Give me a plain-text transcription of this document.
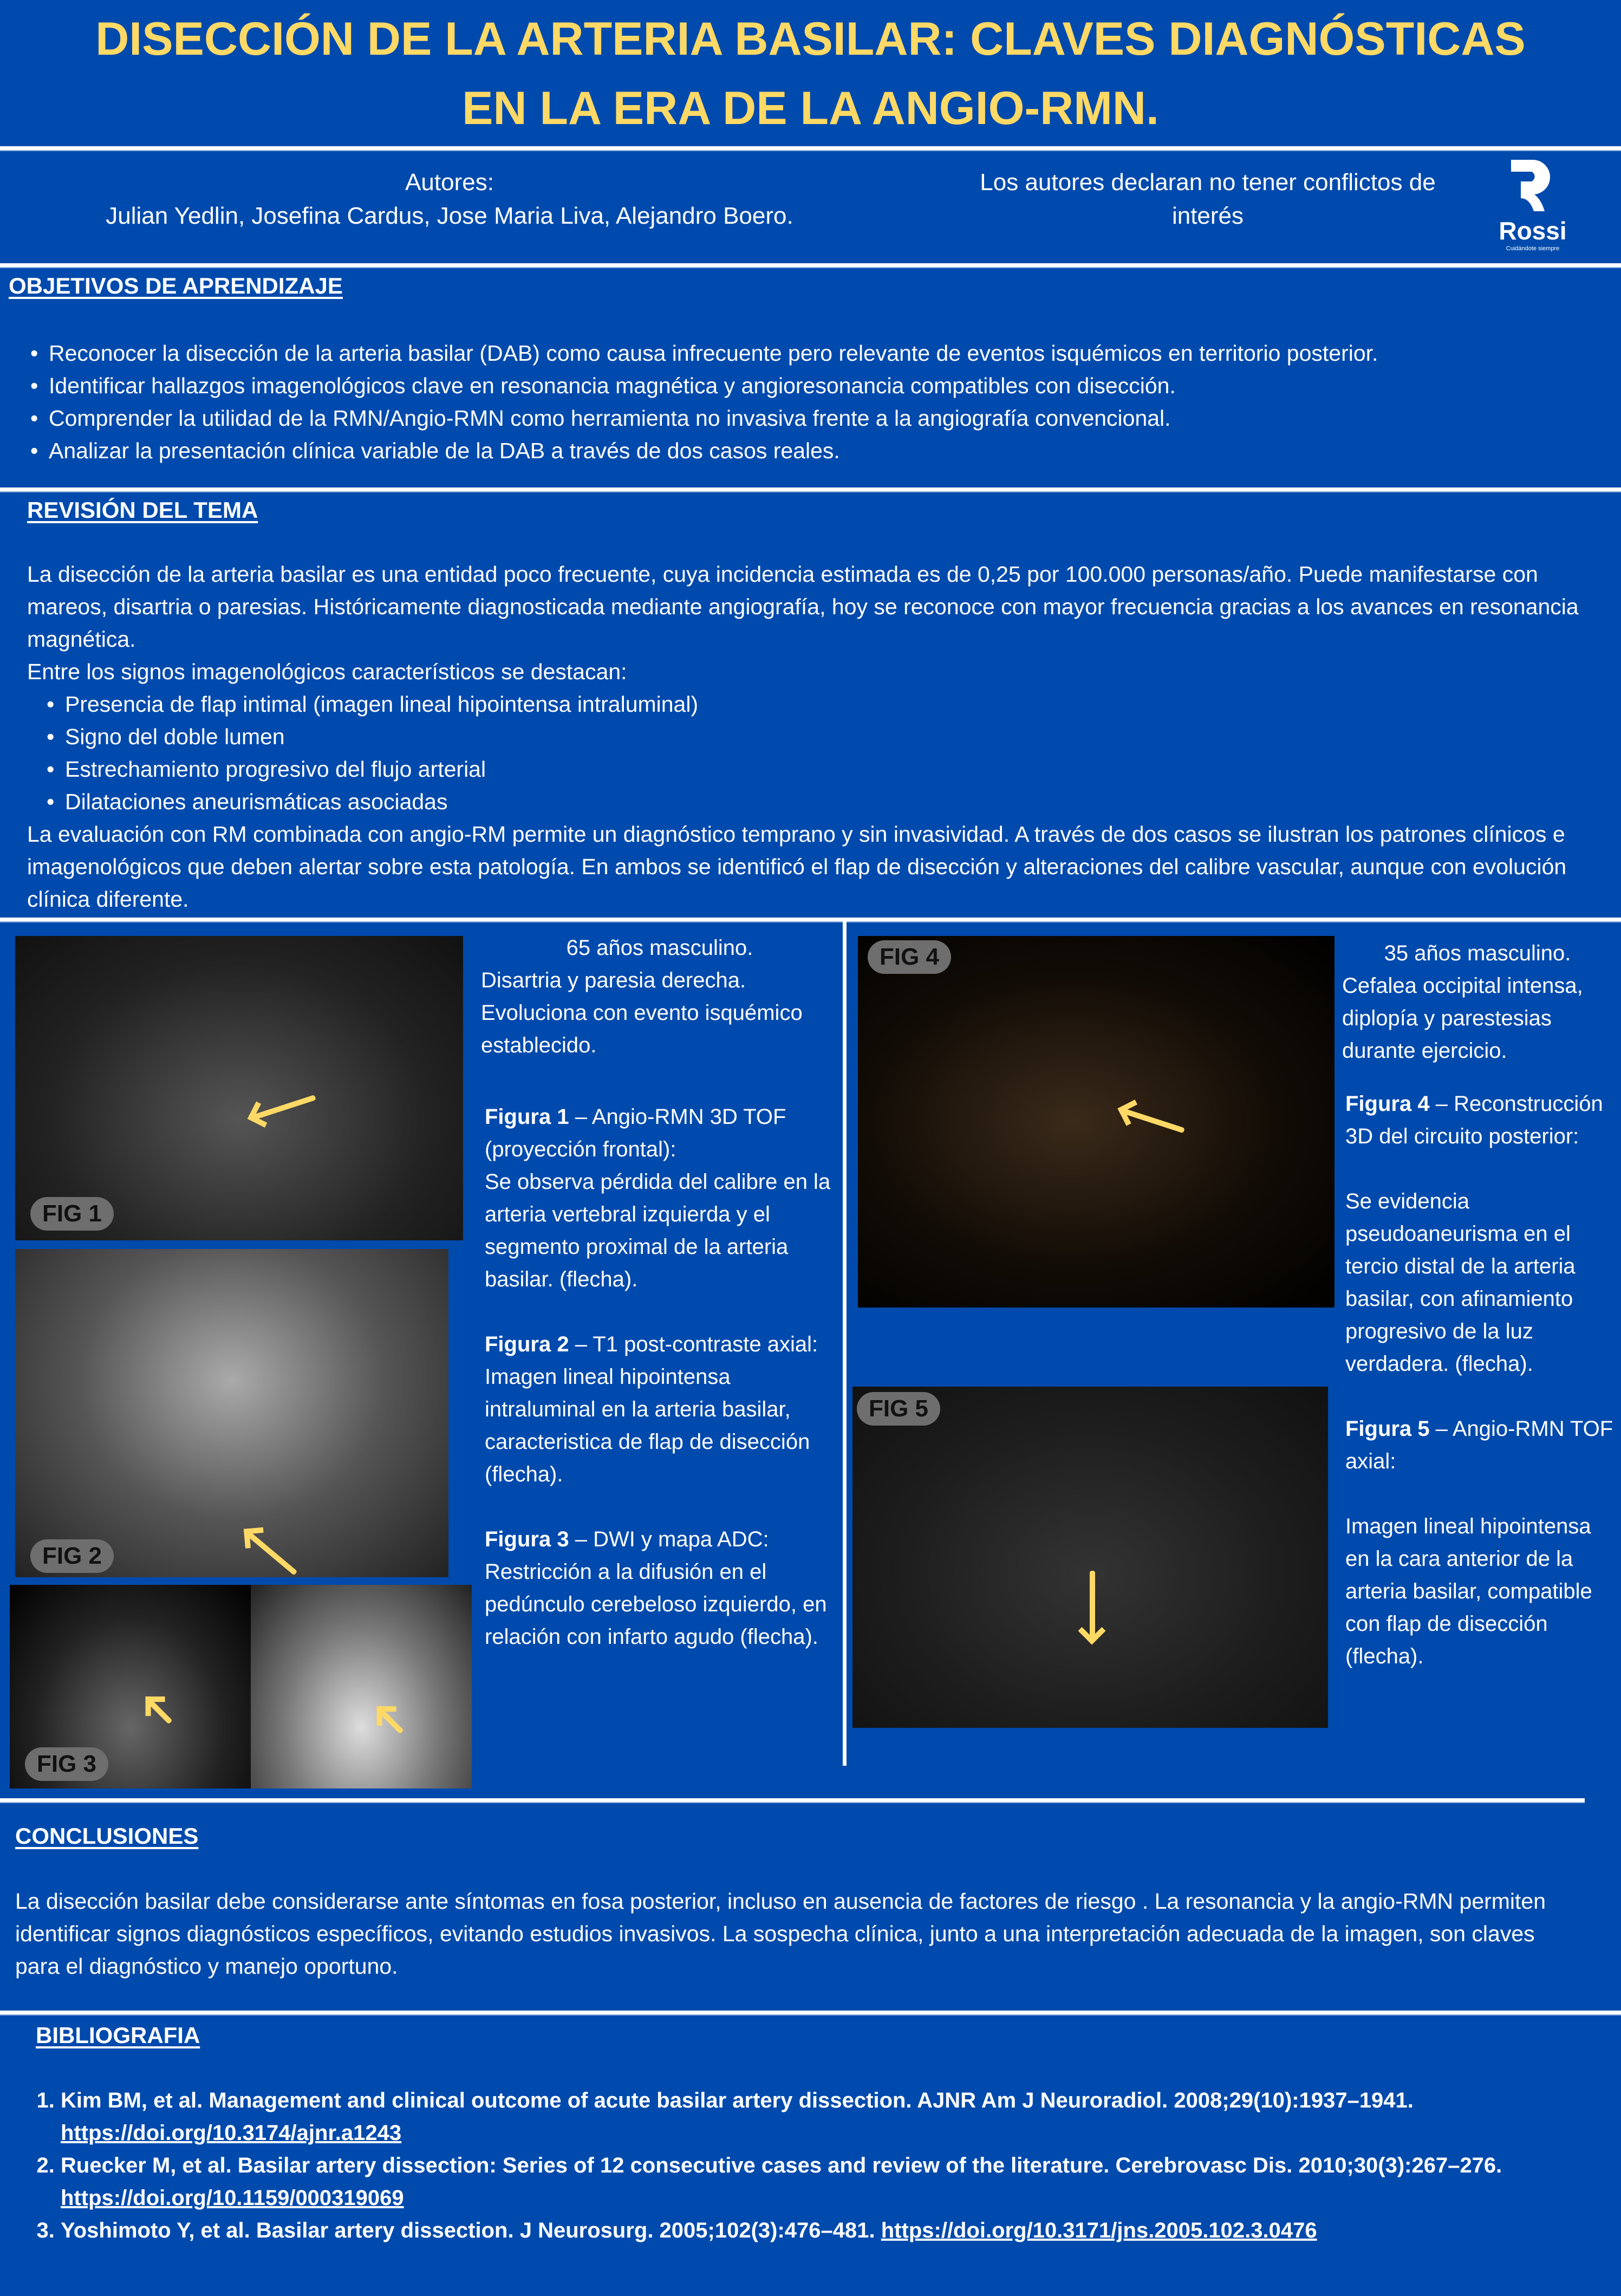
DISECCIÓN DE LA ARTERIA BASILAR: CLAVES DIAGNÓSTICAS
EN LA ERA DE LA ANGIO-RMN.
Autores:
Julian Yedlin, Josefina Cardus, Jose Maria Liva, Alejandro Boero.
Los autores declaran no tener conflictos de interés
Rossi
Cuidándote siempre
OBJETIVOS DE APRENDIZAJE
• Reconocer la disección de la arteria basilar (DAB) como causa infrecuente pero relevante de eventos isquémicos en territorio posterior.
• Identificar hallazgos imagenológicos clave en resonancia magnética y angioresonancia compatibles con disección.
• Comprender la utilidad de la RMN/Angio-RMN como herramienta no invasiva frente a la angiografía convencional.
• Analizar la presentación clínica variable de la DAB a través de dos casos reales.
REVISIÓN DEL TEMA
La disección de la arteria basilar es una entidad poco frecuente, cuya incidencia estimada es de 0,25 por 100.000 personas/año. Puede manifestarse con mareos, disartria o paresias. Históricamente diagnosticada mediante angiografía, hoy se reconoce con mayor frecuencia gracias a los avances en resonancia magnética.
Entre los signos imagenológicos característicos se destacan:
• Presencia de flap intimal (imagen lineal hipointensa intraluminal)
• Signo del doble lumen
• Estrechamiento progresivo del flujo arterial
• Dilataciones aneurismáticas asociadas
La evaluación con RM combinada con angio-RM permite un diagnóstico temprano y sin invasividad. A través de dos casos se ilustran los patrones clínicos e imagenológicos que deben alertar sobre esta patología. En ambos se identificó el flap de disección y alteraciones del calibre vascular, aunque con evolución clínica diferente.
FIG 1
FIG 2
FIG 3
65 años masculino.
Disartria y paresia derecha. Evoluciona con evento isquémico establecido.
Figura 1 – Angio-RMN 3D TOF (proyección frontal):
Se observa pérdida del calibre en la arteria vertebral izquierda y el segmento proximal de la arteria basilar. (flecha).
Figura 2 – T1 post-contraste axial:
Imagen lineal hipointensa intraluminal en la arteria basilar, caracteristica de flap de disección (flecha).
Figura 3 – DWI y mapa ADC:
Restricción a la difusión en el pedúnculo cerebeloso izquierdo, en relación con infarto agudo (flecha).
FIG 4
FIG 5
35 años masculino.
Cefalea occipital intensa, diplopía y parestesias durante ejercicio.
Figura 4 – Reconstrucción 3D del circuito posterior:

Se evidencia pseudoaneurisma en el tercio distal de la arteria basilar, con afinamiento progresivo de la luz verdadera. (flecha).
Figura 5 – Angio-RMN TOF axial:

Imagen lineal hipointensa en la cara anterior de la arteria basilar, compatible con flap de disección (flecha).
CONCLUSIONES
La disección basilar debe considerarse ante síntomas en fosa posterior, incluso en ausencia de factores de riesgo . La resonancia y la angio-RMN permiten identificar signos diagnósticos específicos, evitando estudios invasivos. La sospecha clínica, junto a una interpretación adecuada de la imagen, son claves para el diagnóstico y manejo oportuno.
BIBLIOGRAFIA
1. Kim BM, et al. Management and clinical outcome of acute basilar artery dissection. AJNR Am J Neuroradiol. 2008;29(10):1937–1941. https://doi.org/10.3174/ajnr.a1243
2. Ruecker M, et al. Basilar artery dissection: Series of 12 consecutive cases and review of the literature. Cerebrovasc Dis. 2010;30(3):267–276. https://doi.org/10.1159/000319069
3. Yoshimoto Y, et al. Basilar artery dissection. J Neurosurg. 2005;102(3):476–481. https://doi.org/10.3171/jns.2005.102.3.0476
